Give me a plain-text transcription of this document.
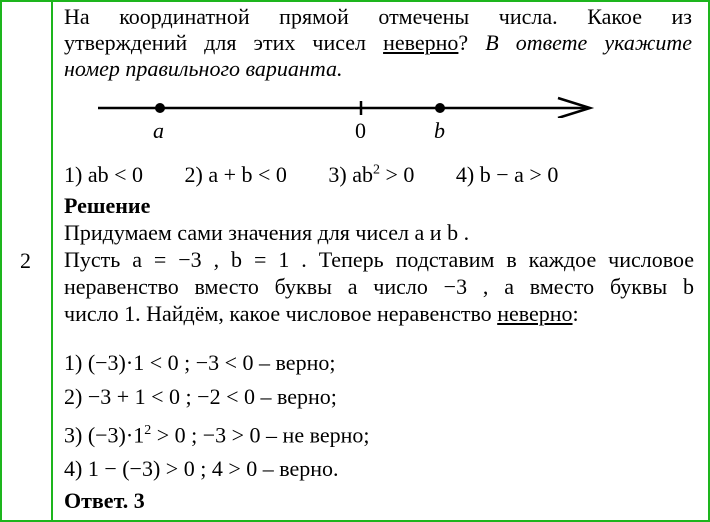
2
На координатной прямой отмечены числа. Какое из
утверждений для этих чисел неверно? В ответе укажите
номер правильного варианта.
a	0	b
1) ab < 0 2) a + b < 0 3) $ab^2 > 0$ 4) b − a > 0
Решение
Придумаем сами значения для чисел a и b .
Пусть a = −3 , b = 1 . Теперь подставим в каждое числовое
неравенство вместо буквы a число −3 , а вместо буквы b
число 1. Найдём, какое числовое неравенство неверно:
1) (−3)·1 < 0 ; −3 < 0 – верно;
2) −3 + 1 < 0 ; −2 < 0 – верно;
3) $(-3)\cdot 1^2 > 0$ ; −3 > 0 – не верно;
4) 1 − (−3) > 0 ; 4 > 0 – верно.
Ответ. 3
